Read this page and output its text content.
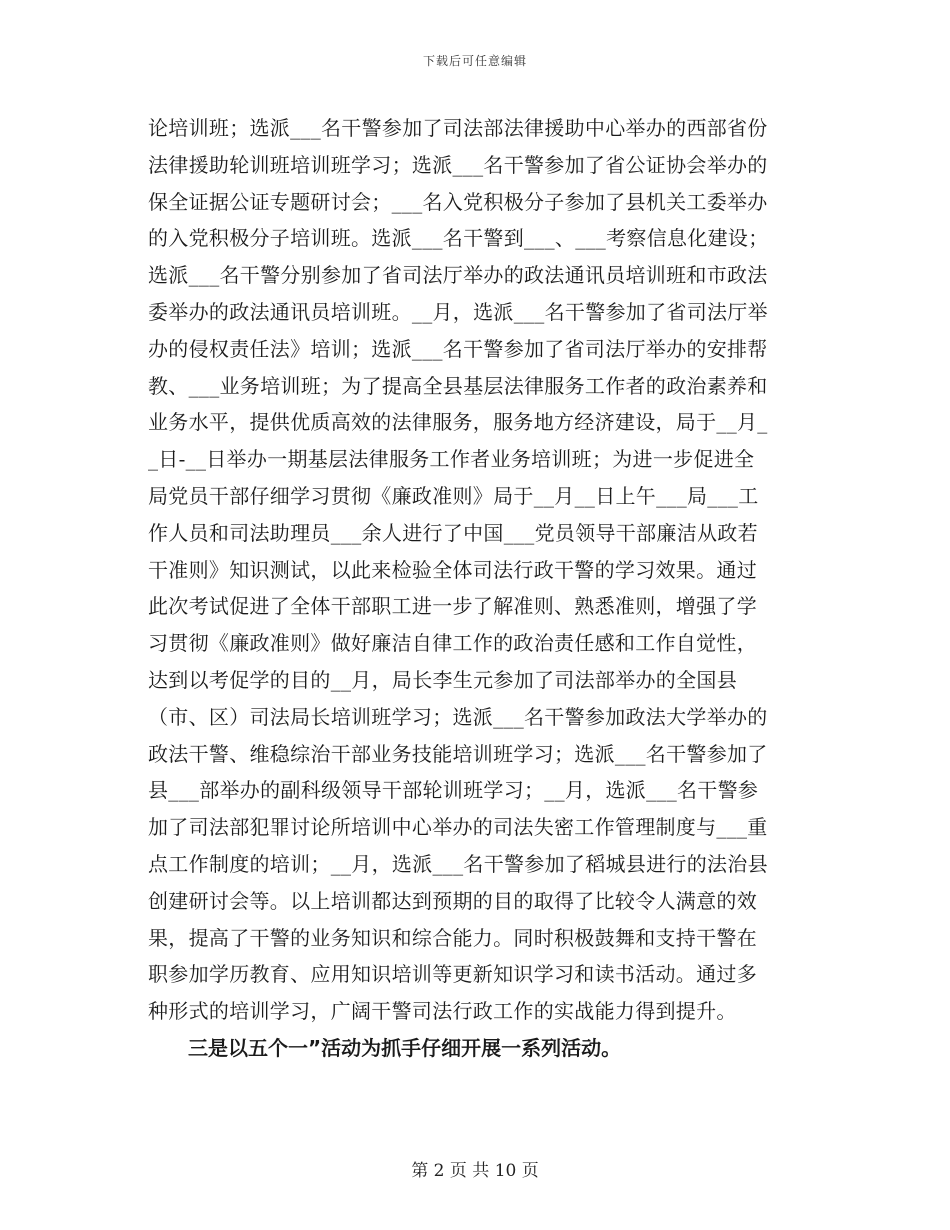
下载后可任意编辑
论培训班；选派___名干警参加了司法部法律援助中心举办的西部省份
法律援助轮训班培训班学习；选派___名干警参加了省公证协会举办的
保全证据公证专题研讨会；___名入党积极分子参加了县机关工委举办
的入党积极分子培训班。选派___名干警到___、___考察信息化建设；
选派___名干警分别参加了省司法厅举办的政法通讯员培训班和市政法
委举办的政法通讯员培训班。__月，选派___名干警参加了省司法厅举
办的侵权责任法》培训；选派___名干警参加了省司法厅举办的安排帮
教、___业务培训班；为了提高全县基层法律服务工作者的政治素养和
业务水平，提供优质高效的法律服务，服务地方经济建设，局于__月_
_日-__日举办一期基层法律服务工作者业务培训班；为进一步促进全
局党员干部仔细学习贯彻《廉政准则》局于__月__日上午___局___工
作人员和司法助理员___余人进行了中国___党员领导干部廉洁从政若
干准则》知识测试，以此来检验全体司法行政干警的学习效果。通过
此次考试促进了全体干部职工进一步了解准则、熟悉准则，增强了学
习贯彻《廉政准则》做好廉洁自律工作的政治责任感和工作自觉性，
达到以考促学的目的__月，局长李生元参加了司法部举办的全国县
（市、区）司法局长培训班学习；选派___名干警参加政法大学举办的
政法干警、维稳综治干部业务技能培训班学习；选派___名干警参加了
县___部举办的副科级领导干部轮训班学习；__月，选派___名干警参
加了司法部犯罪讨论所培训中心举办的司法失密工作管理制度与___重
点工作制度的培训；__月，选派___名干警参加了稻城县进行的法治县
创建研讨会等。以上培训都达到预期的目的取得了比较令人满意的效
果，提高了干警的业务知识和综合能力。同时积极鼓舞和支持干警在
职参加学历教育、应用知识培训等更新知识学习和读书活动。通过多
种形式的培训学习，广阔干警司法行政工作的实战能力得到提升。
三是以五个一”活动为抓手仔细开展一系列活动。
第 2 页 共 10 页
